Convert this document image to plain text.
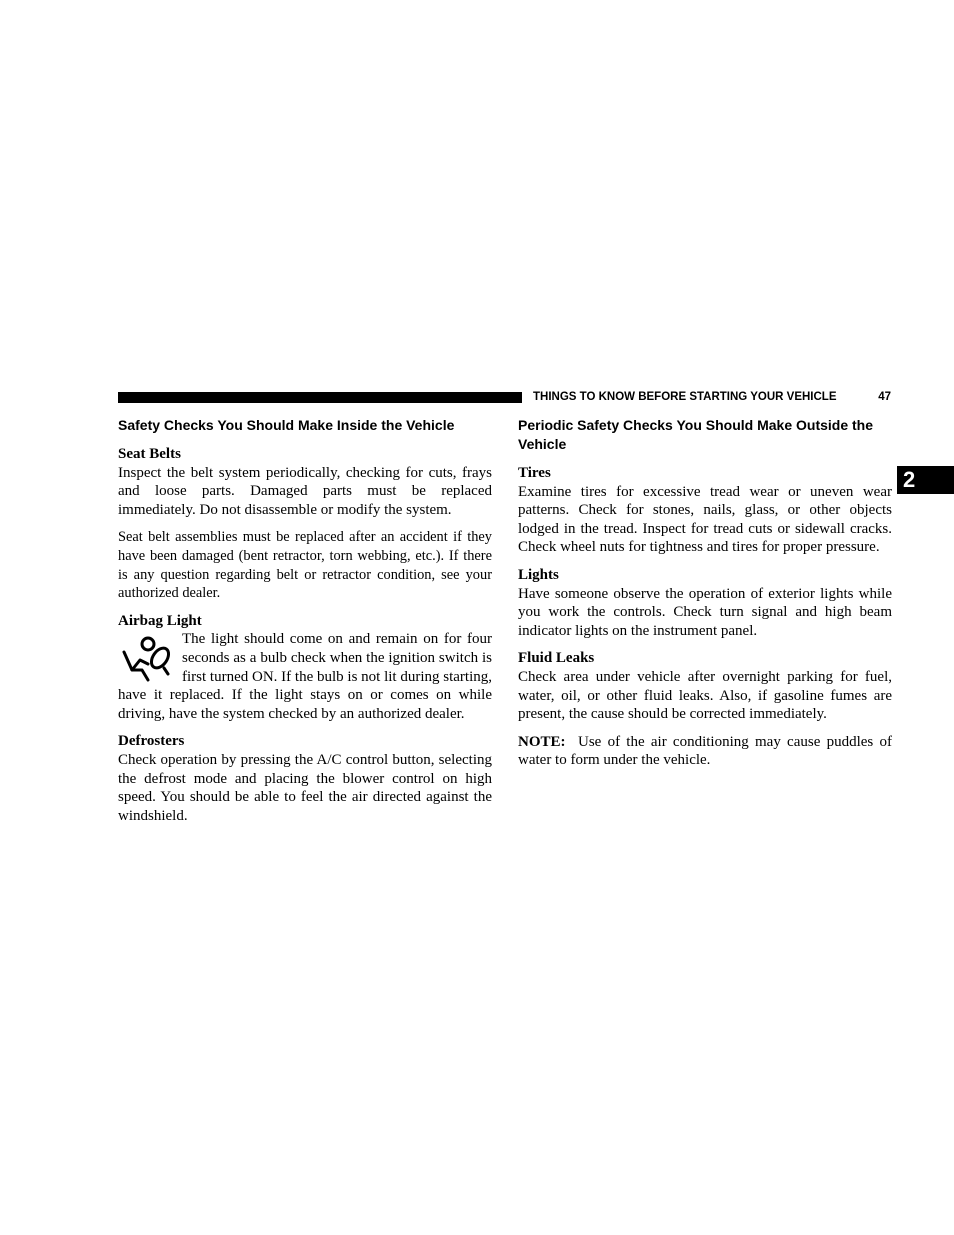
THINGS TO KNOW BEFORE STARTING YOUR VEHICLE	47
2
Safety Checks You Should Make Inside the Vehicle
Seat Belts

Inspect the belt system periodically, checking for cuts, frays and loose parts. Damaged parts must be replaced immediately. Do not disassemble or modify the system.

Seat belt assemblies must be replaced after an accident if they have been damaged (bent retractor, torn webbing, etc.). If there is any question regarding belt or retractor condition, see your authorized dealer.

Airbag Light

The light should come on and remain on for four seconds as a bulb check when the ignition switch is first turned ON. If the bulb is not lit during starting, have it replaced. If the light stays on or comes on while driving, have the system checked by an authorized dealer.

Defrosters

Check operation by pressing the A/C control button, selecting the defrost mode and placing the blower control on high speed. You should be able to feel the air directed against the windshield.

Periodic Safety Checks You Should Make Outside the Vehicle
Tires

Examine tires for excessive tread wear or uneven wear patterns. Check for stones, nails, glass, or other objects lodged in the tread. Inspect for tread cuts or sidewall cracks. Check wheel nuts for tightness and tires for proper pressure.

Lights

Have someone observe the operation of exterior lights while you work the controls. Check turn signal and high beam indicator lights on the instrument panel.

Fluid Leaks

Check area under vehicle after overnight parking for fuel, water, oil, or other fluid leaks. Also, if gasoline fumes are present, the cause should be corrected immediately.

NOTE: Use of the air conditioning may cause puddles of water to form under the vehicle.
